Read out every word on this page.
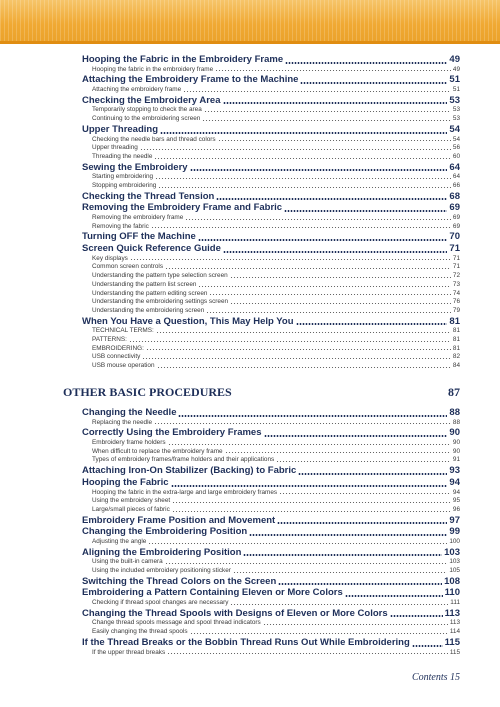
Hooping the Fabric in the Embroidery Frame	49
Hooping the fabric in the embroidery frame	49
Attaching the Embroidery Frame to the Machine	51
Attaching the embroidery frame	51
Checking the Embroidery Area	53
Temporarily stopping to check the area	53
Continuing to the embroidering screen	53
Upper Threading	54
Checking the needle bars and thread colors	54
Upper threading	56
Threading the needle	60
Sewing the Embroidery	64
Starting embroidering	64
Stopping embroidering	66
Checking the Thread Tension	68
Removing the Embroidery Frame and Fabric	69
Removing the embroidery frame	69
Removing the fabric	69
Turning OFF the Machine	70
Screen Quick Reference Guide	71
Key displays	71
Common screen controls	71
Understanding the pattern type selection screen	72
Understanding the pattern list screen	73
Understanding the pattern editing screen	74
Understanding the embroidering settings screen	76
Understanding the embroidering screen	79
When You Have a Question, This May Help You	81
TECHNICAL TERMS:	81
PATTERNS:	81
EMBROIDERING:	81
USB connectivity	82
USB mouse operation	84
OTHER BASIC PROCEDURES	87
Changing the Needle	88
Replacing the needle	88
Correctly Using the Embroidery Frames	90
Embroidery frame holders	90
When difficult to replace the embroidery frame	90
Types of embroidery frames/frame holders and their applications	91
Attaching Iron-On Stabilizer (Backing) to Fabric	93
Hooping the Fabric	94
Hooping the fabric in the extra-large and large embroidery frames	94
Using the embroidery sheet	95
Large/small pieces of fabric	96
Embroidery Frame Position and Movement	97
Changing the Embroidering Position	99
Adjusting the angle	100
Aligning the Embroidering Position	103
Using the built-in camera	103
Using the included embroidery positioning sticker	105
Switching the Thread Colors on the Screen	108
Embroidering a Pattern Containing Eleven or More Colors	110
Checking if thread spool changes are necessary	111
Changing the Thread Spools with Designs of Eleven or More Colors	113
Change thread spools message and spool thread indicators	113
Easily changing the thread spools	114
If the Thread Breaks or the Bobbin Thread Runs Out While Embroidering	115
If the upper thread breaks	115
Contents 15
